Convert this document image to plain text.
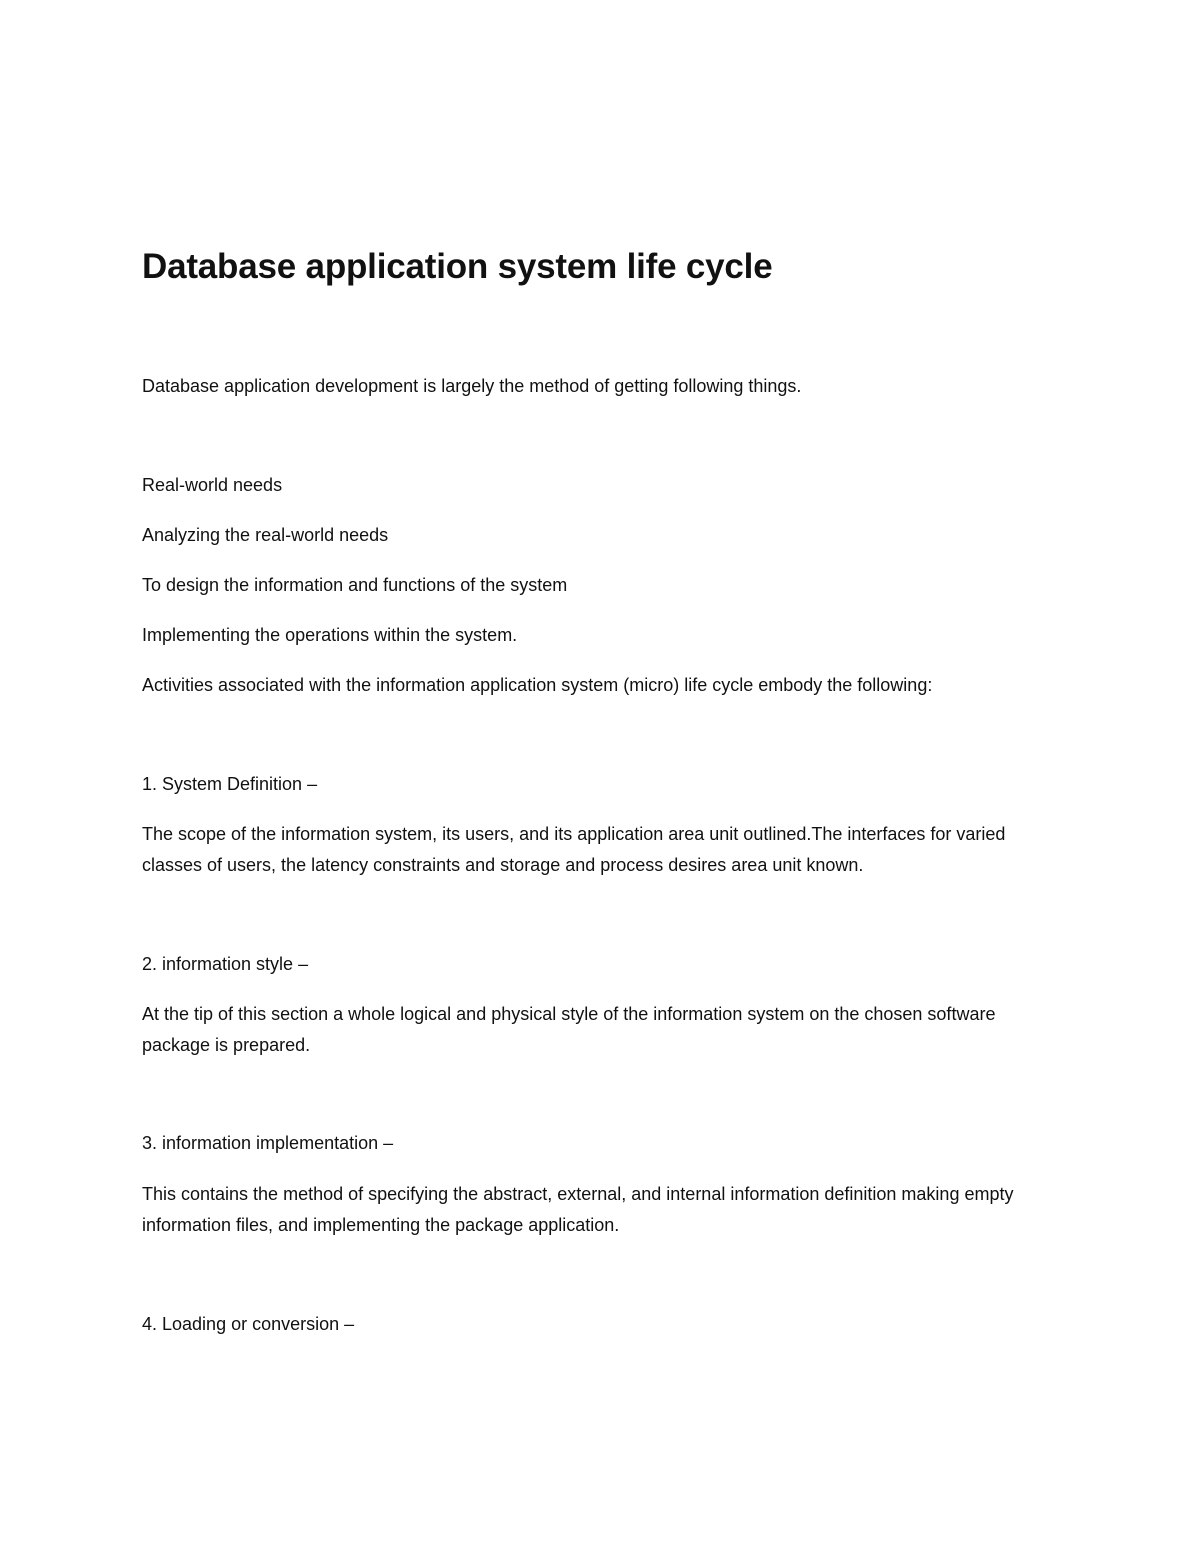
Database application system life cycle
Database application development is largely the method of getting following things.
Real-world needs
Analyzing the real-world needs
To design the information and functions of the system
Implementing the operations within the system.
Activities associated with the information application system (micro) life cycle embody the following:
1. System Definition –
The scope of the information system, its users, and its application area unit outlined.The interfaces for varied classes of users, the latency constraints and storage and process desires area unit known.
2. information style –
At the tip of this section a whole logical and physical style of the information system on the chosen software package is prepared.
3. information implementation –
This contains the method of specifying the abstract, external, and internal information definition making empty information files, and implementing the package application.
4. Loading or conversion –
